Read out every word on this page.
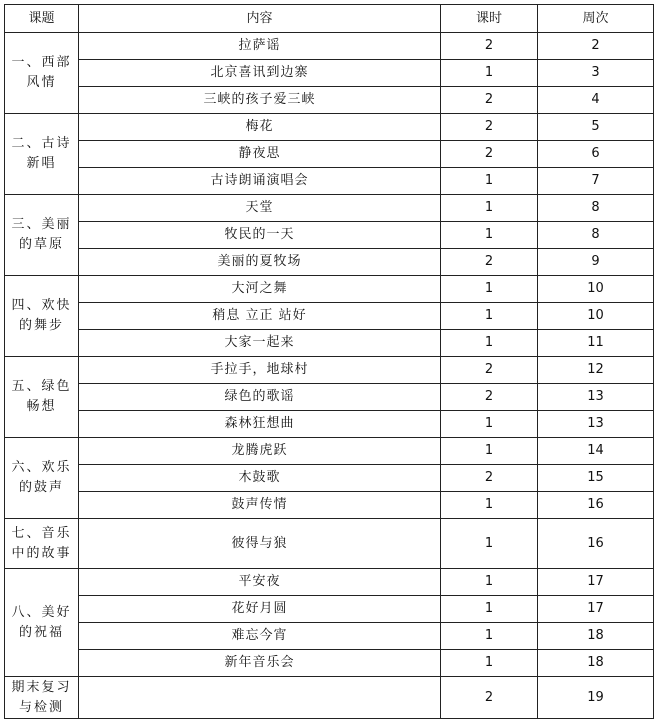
课题	内容	课时	周次
一、西部风情	拉萨谣	2	2
	北京喜讯到边寨	1	3
	三峡的孩子爱三峡	2	4
二、古诗新唱	梅花	2	5
	静夜思	2	6
	古诗朗诵演唱会	1	7
三、美丽的草原	天堂	1	8
	牧民的一天	1	8
	美丽的夏牧场	2	9
四、欢快的舞步	大河之舞	1	10
	稍息 立正 站好	1	10
	大家一起来	1	11
五、绿色畅想	手拉手，地球村	2	12
	绿色的歌谣	2	13
	森林狂想曲	1	13
六、欢乐的鼓声	龙腾虎跃	1	14
	木鼓歌	2	15
	鼓声传情	1	16
七、音乐中的故事	彼得与狼	1	16
八、美好的祝福	平安夜	1	17
	花好月圆	1	17
	难忘今宵	1	18
	新年音乐会	1	18
期末复习与检测		2	19
